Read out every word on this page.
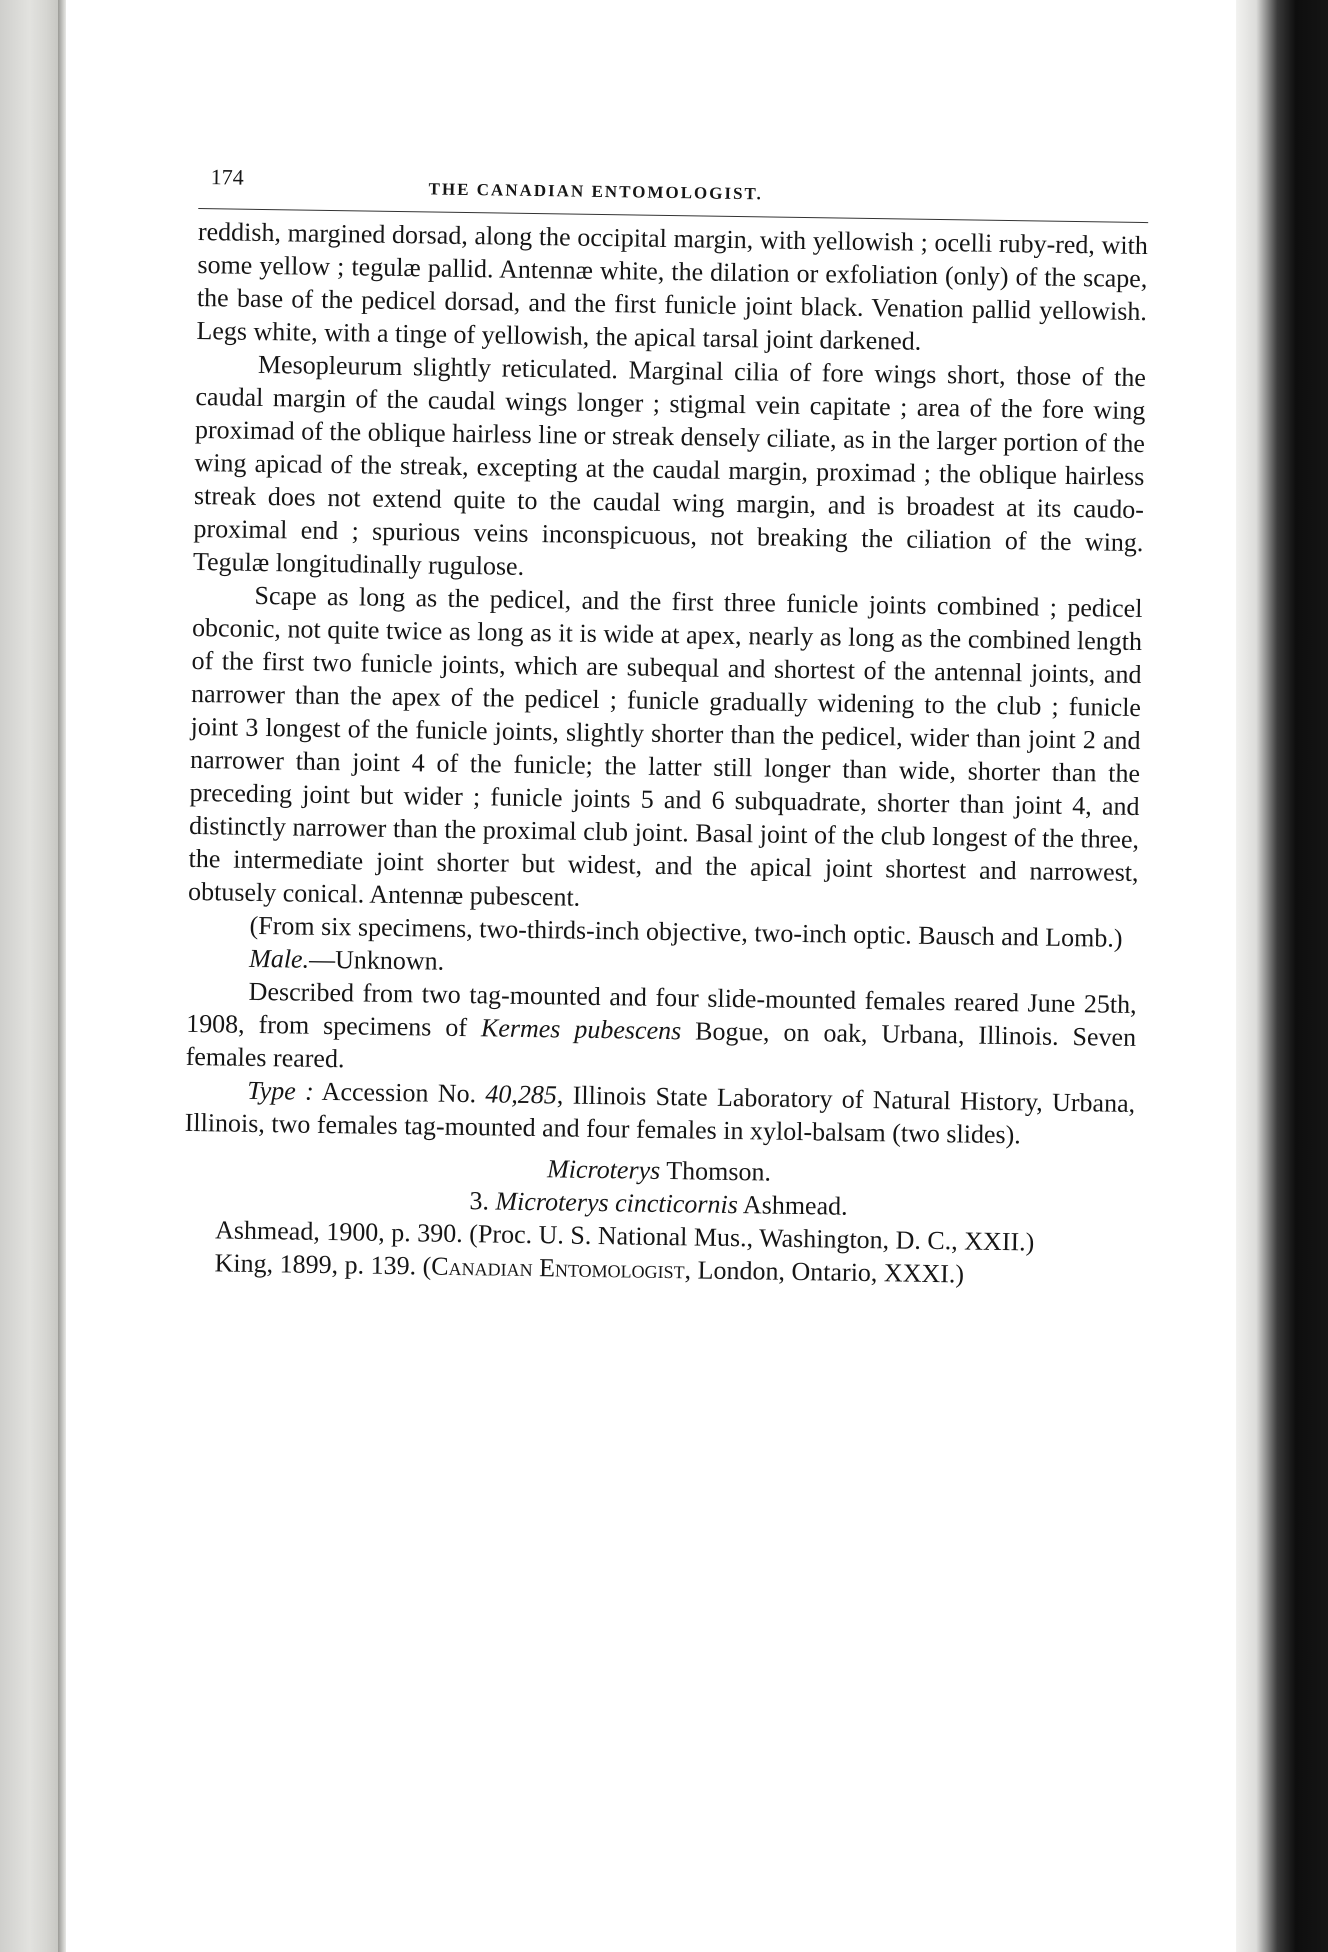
174
THE CANADIAN ENTOMOLOGIST.

reddish, margined dorsad, along the occipital margin, with yellowish ; ocelli ruby-red, with some yellow ; tegulæ pallid. Antennæ white, the dilation or exfoliation (only) of the scape, the base of the pedicel dorsad, and the first funicle joint black. Venation pallid yellowish. Legs white, with a tinge of yellowish, the apical tarsal joint darkened.

Mesopleurum slightly reticulated. Marginal cilia of fore wings short, those of the caudal margin of the caudal wings longer ; stigmal vein capitate ; area of the fore wing proximad of the oblique hairless line or streak densely ciliate, as in the larger portion of the wing apicad of the streak, excepting at the caudal margin, proximad ; the oblique hairless streak does not extend quite to the caudal wing margin, and is broadest at its caudo-proximal end ; spurious veins inconspicuous, not breaking the ciliation of the wing. Tegulæ longitudinally rugulose.

Scape as long as the pedicel, and the first three funicle joints combined ; pedicel obconic, not quite twice as long as it is wide at apex, nearly as long as the combined length of the first two funicle joints, which are subequal and shortest of the antennal joints, and narrower than the apex of the pedicel ; funicle gradually widening to the club ; funicle joint 3 longest of the funicle joints, slightly shorter than the pedicel, wider than joint 2 and narrower than joint 4 of the funicle; the latter still longer than wide, shorter than the preceding joint but wider ; funicle joints 5 and 6 subquadrate, shorter than joint 4, and distinctly narrower than the proximal club joint. Basal joint of the club longest of the three, the intermediate joint shorter but widest, and the apical joint shortest and narrowest, obtusely conical. Antennæ pubescent.

(From six specimens, two-thirds-inch objective, two-inch optic. Bausch and Lomb.)

Male.—Unknown.

Described from two tag-mounted and four slide-mounted females reared June 25th, 1908, from specimens of Kermes pubescens Bogue, on oak, Urbana, Illinois. Seven females reared.

Type : Accession No. 40,285, Illinois State Laboratory of Natural History, Urbana, Illinois, two females tag-mounted and four females in xylol-balsam (two slides).

Microterys Thomson.

3. Microterys cincticornis Ashmead.

Ashmead, 1900, p. 390. (Proc. U. S. National Mus., Washington, D. C., XXII.)

King, 1899, p. 139. (Canadian Entomologist, London, Ontario, XXXI.)
